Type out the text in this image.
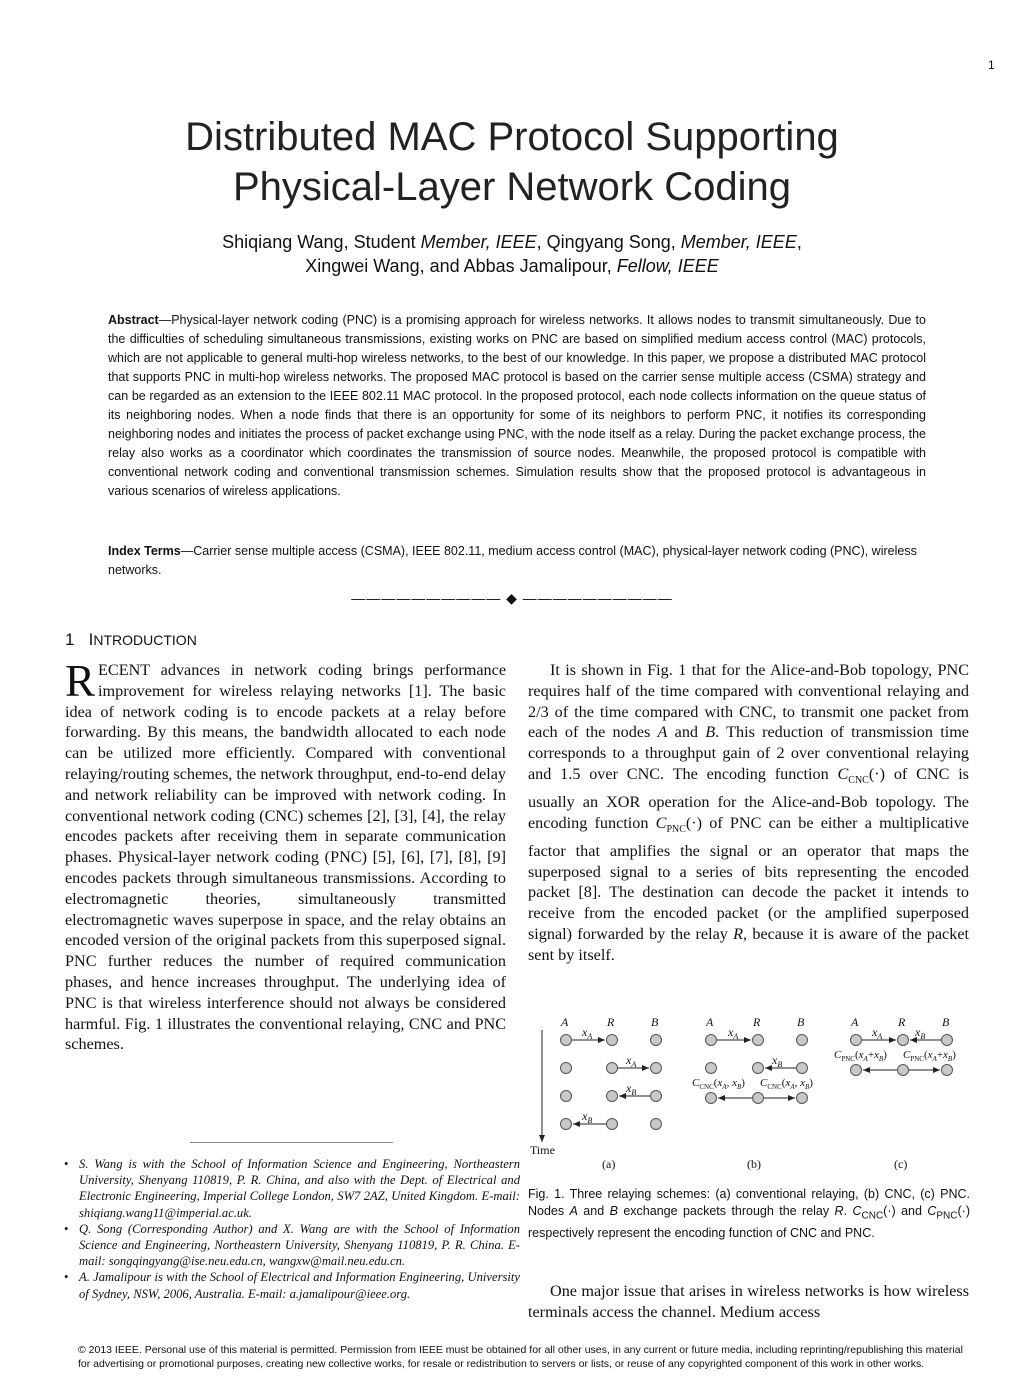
1
Distributed MAC Protocol Supporting
Physical-Layer Network Coding
Shiqiang Wang, Student Member, IEEE, Qingyang Song, Member, IEEE,
Xingwei Wang, and Abbas Jamalipour, Fellow, IEEE
Abstract—Physical-layer network coding (PNC) is a promising approach for wireless networks. It allows nodes to transmit simultaneously. Due to the difficulties of scheduling simultaneous transmissions, existing works on PNC are based on simplified medium access control (MAC) protocols, which are not applicable to general multi-hop wireless networks, to the best of our knowledge. In this paper, we propose a distributed MAC protocol that supports PNC in multi-hop wireless networks. The proposed MAC protocol is based on the carrier sense multiple access (CSMA) strategy and can be regarded as an extension to the IEEE 802.11 MAC protocol. In the proposed protocol, each node collects information on the queue status of its neighboring nodes. When a node finds that there is an opportunity for some of its neighbors to perform PNC, it notifies its corresponding neighboring nodes and initiates the process of packet exchange using PNC, with the node itself as a relay. During the packet exchange process, the relay also works as a coordinator which coordinates the transmission of source nodes. Meanwhile, the proposed protocol is compatible with conventional network coding and conventional transmission schemes. Simulation results show that the proposed protocol is advantageous in various scenarios of wireless applications.
Index Terms—Carrier sense multiple access (CSMA), IEEE 802.11, medium access control (MAC), physical-layer network coding (PNC), wireless networks.
—————————— ◆ ——————————
1 INTRODUCTION
RECENT advances in network coding brings performance improvement for wireless relaying networks [1]. The basic idea of network coding is to encode packets at a relay before forwarding. By this means, the bandwidth allocated to each node can be utilized more efficiently. Compared with conventional relaying/routing schemes, the network throughput, end-to-end delay and network reliability can be improved with network coding. In conventional network coding (CNC) schemes [2], [3], [4], the relay encodes packets after receiving them in separate communication phases. Physical-layer network coding (PNC) [5], [6], [7], [8], [9] encodes packets through simultaneous transmissions. According to electromagnetic theories, simultaneously transmitted electromagnetic waves superpose in space, and the relay obtains an encoded version of the original packets from this superposed signal. PNC further reduces the number of required communication phases, and hence increases throughput. The underlying idea of PNC is that wireless interference should not always be considered harmful. Fig. 1 illustrates the conventional relaying, CNC and PNC schemes.
It is shown in Fig. 1 that for the Alice-and-Bob topology, PNC requires half of the time compared with conventional relaying and 2/3 of the time compared with CNC, to transmit one packet from each of the nodes A and B. This reduction of transmission time corresponds to a throughput gain of 2 over conventional relaying and 1.5 over CNC. The encoding function $C_{CNC}(\cdot)$ of CNC is usually an XOR operation for the Alice-and-Bob topology. The encoding function $C_{PNC}(\cdot)$ of PNC can be either a multiplicative factor that amplifies the signal or an operator that maps the superposed signal to a series of bits representing the encoded packet [8]. The destination can decode the packet it intends to receive from the encoded packet (or the amplified superposed signal) forwarded by the relay R, because it is aware of the packet sent by itself.
Time
A	R	B
$x_A$
$x_A$
$x_B$
$x_B$
(a)
A	R	B
$x_A$
$x_B$
$C_{CNC}(x_A$, $x_B$) $C_{CNC}(x_A$, $x_B$)
(b)
A	R	B
$x_A$	$x_B$
$C_{PNC}(x_A+x_B)$ $C_{PNC}(x_A+x_B)$
(c)
Fig. 1. Three relaying schemes: (a) conventional relaying, (b) CNC, (c) PNC. Nodes A and B exchange packets through the relay R. $C_{CNC}(\cdot)$ and $C_{PNC}(\cdot)$ respectively represent the encoding function of CNC and PNC.
One major issue that arises in wireless networks is how wireless terminals access the channel. Medium access
• S. Wang is with the School of Information Science and Engineering, Northeastern University, Shenyang 110819, P. R. China, and also with the Dept. of Electrical and Electronic Engineering, Imperial College London, SW7 2AZ, United Kingdom. E-mail: shiqiang.wang11@imperial.ac.uk.
• Q. Song (Corresponding Author) and X. Wang are with the School of Information Science and Engineering, Northeastern University, Shenyang 110819, P. R. China. E-mail: songqingyang@ise.neu.edu.cn, wangxw@mail.neu.edu.cn.
• A. Jamalipour is with the School of Electrical and Information Engineering, University of Sydney, NSW, 2006, Australia. E-mail: a.jamalipour@ieee.org.
© 2013 IEEE. Personal use of this material is permitted. Permission from IEEE must be obtained for all other uses, in any current or future media, including reprinting/republishing this material for advertising or promotional purposes, creating new collective works, for resale or redistribution to servers or lists, or reuse of any copyrighted component of this work in other works.
